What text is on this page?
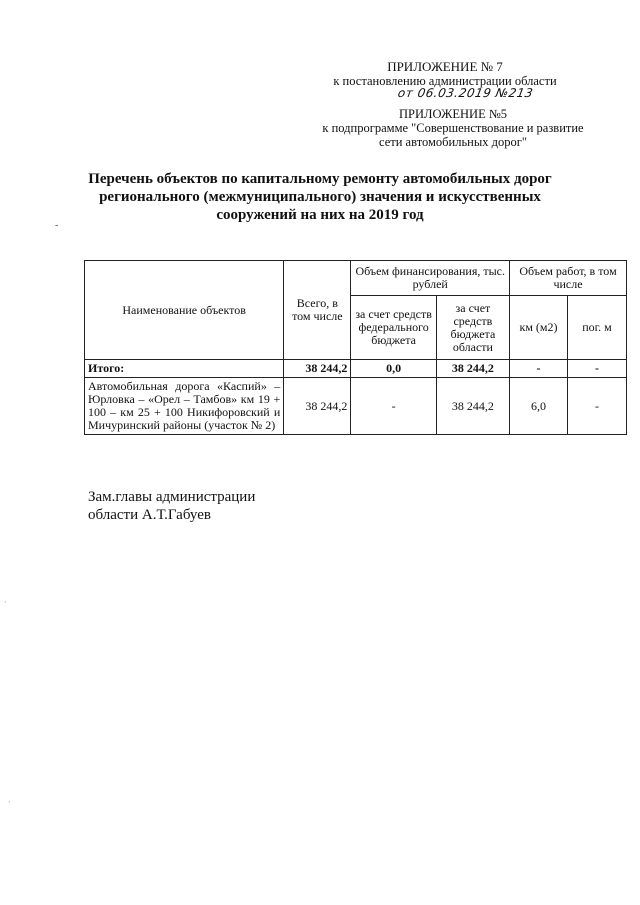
ПРИЛОЖЕНИЕ № 7
к постановлению администрации области
от 06.03.2019 №213
ПРИЛОЖЕНИЕ №5
к подпрограмме "Совершенствование и развитие
сети автомобильных дорог"
Перечень объектов по капитальному ремонту автомобильных дорог
регионального (межмуниципального) значения и искусственных
сооружений на них на 2019 год
-
Наименование объектов	Всего, в том числе	Объем финансирования, тыс. рублей		Объем работ, в том числе	
		за счет средств федерального бюджета	за счет средств бюджета области	км (м2)	пог. м
Итого:	38 244,2	0,0	38 244,2	-	-
Автомобильная дорога «Каспий» – Юрловка – «Орел – Тамбов» км 19 + 100 – км 25 + 100 Никифоровский и Мичуринский районы (участок № 2)	38 244,2	-	38 244,2	6,0	-
Зам.главы администрации
области А.Т.Габуев
·
·
